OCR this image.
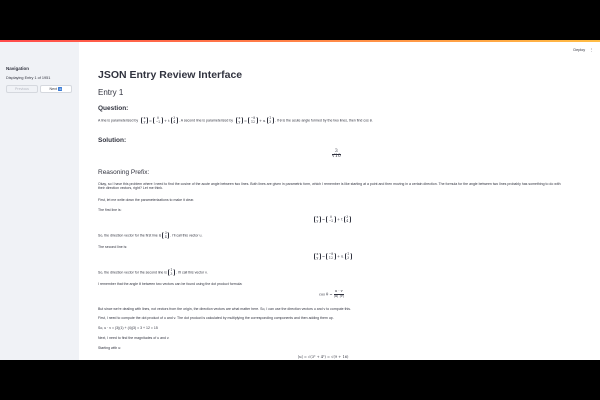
Navigation
Displaying Entry 1 of 1951
Previous	Next ➡
Deploy ⋮
JSON Entry Review Interface
Entry 1
Question:
A line is parameterized by x
y = 0
−2 + t 3
4 . A second line is parameterized by x
y = −8
12 + u 1
3 . If θ is the acute angle formed by the two lines, then find cos θ.
Solution:
$\frac{3}{√10}$
Reasoning Prefix:
Okay, so I have this problem where I need to find the cosine of the acute angle between two lines. Both lines are given in parametric form, which I remember is like starting at a point and then moving in a certain direction. The formula for the angle between two lines probably has something to do with their direction vectors, right? Let me think.
First, let me write down the parameterizations to make it clear.
The first line is:
x
y = 0
−2 + t 3
4
So, the direction vector for the first line is 3
4 . I'll call this vector u.
The second line is:
x
y = −8
12 + u 1
3
So, the direction vector for the second line is 1
3 . I'll call this vector v.
I remember that the angle θ between two vectors can be found using the dot product formula:
$\cos \theta = \frac{u \cdot v}{|u| |v|}$
But since we're dealing with lines, not vectors from the origin, the direction vectors are what matter here. So, I can use the direction vectors u and v to compute this.
First, I need to compute the dot product of u and v. The dot product is calculated by multiplying the corresponding components and then adding them up.
So, u · v = (3)(1) + (4)(3) = 3 + 12 = 15
Next, I need to find the magnitudes of u and v.
Starting with u:
|u| = √(3² + 4²) = √(9 + 16)
